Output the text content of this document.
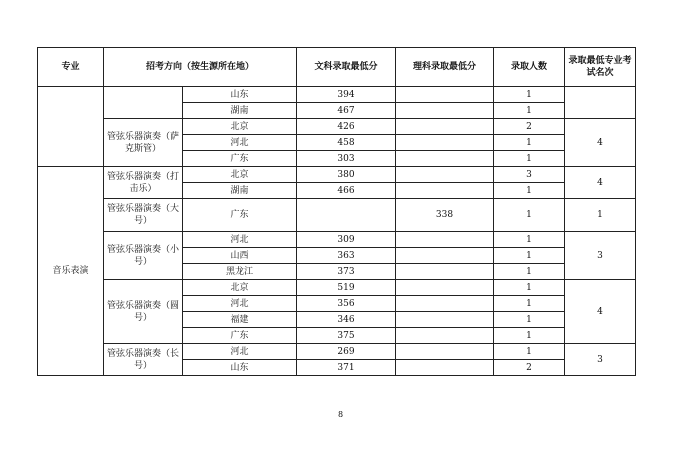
专业	招考方向（按生源所在地）		文科录取最低分	理科录取最低分	录取人数	录取最低专业考试名次
		山东	394		1	
		湖南	467		1	
	管弦乐器演奏（萨克斯管）	北京	426		2	4
		河北	458		1	
		广东	303		1	
音乐表演	管弦乐器演奏（打击乐）	北京	380		3	4
		湖南	466		1	
	管弦乐器演奏（大号）	广东		338	1	1
	管弦乐器演奏（小号）	河北	309		1	3
		山西	363		1	
		黑龙江	373		1	
	管弦乐器演奏（圆号）	北京	519		1	4
		河北	356		1	
		福建	346		1	
		广东	375		1	
	管弦乐器演奏（长号）	河北	269		1	3
		山东	371		2	
8
